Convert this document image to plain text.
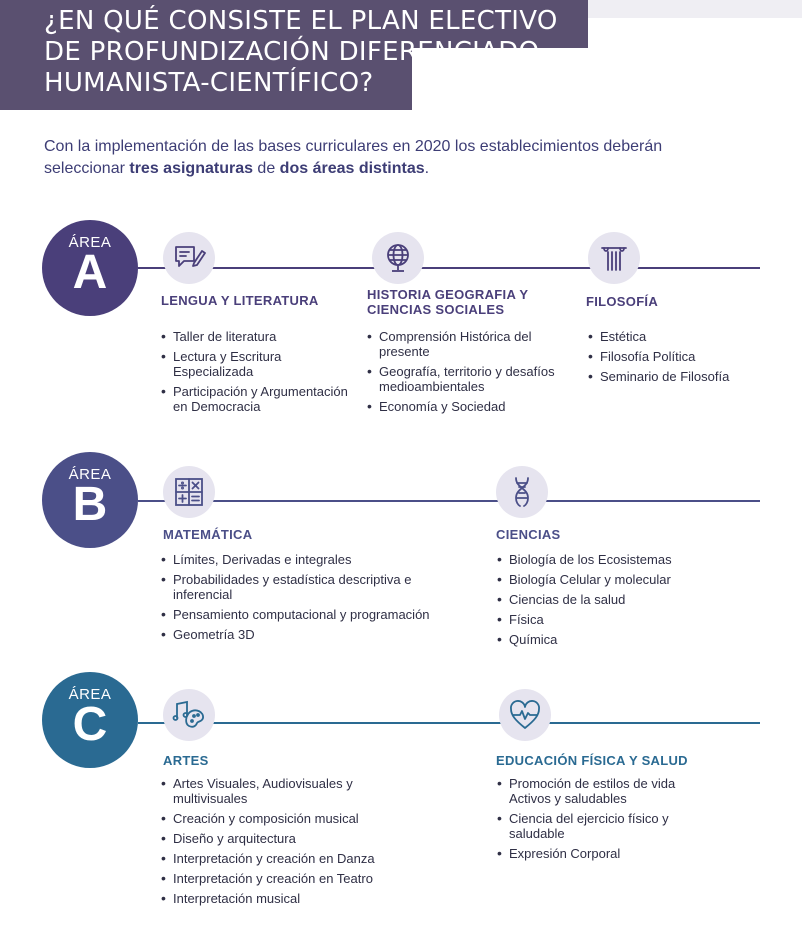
¿EN QUÉ CONSISTE EL PLAN ELECTIVO
DE PROFUNDIZACIÓN DIFERENCIADO
HUMANISTA-CIENTÍFICO?

Con la implementación de las bases curriculares en 2020 los establecimientos deberán seleccionar tres asignaturas de dos áreas distintas.

ÁREA
A
LENGUA Y LITERATURA
• Taller de literatura
• Lectura y Escritura Especializada
• Participación y Argumentación en Democracia
HISTORIA GEOGRAFIA Y CIENCIAS SOCIALES
• Comprensión Histórica del presente
• Geografía, territorio y desafíos medioambientales
• Economía y Sociedad
FILOSOFÍA
• Estética
• Filosofía Política
• Seminario de Filosofía
ÁREA
B
MATEMÁTICA
• Límites, Derivadas e integrales
• Probabilidades y estadística descriptiva e inferencial
• Pensamiento computacional y programación
• Geometría 3D
CIENCIAS
• Biología de los Ecosistemas
• Biología Celular y molecular
• Ciencias de la salud
• Física
• Química
ÁREA
C
ARTES
• Artes Visuales, Audiovisuales y multivisuales
• Creación y composición musical
• Diseño y arquitectura
• Interpretación y creación en Danza
• Interpretación y creación en Teatro
• Interpretación musical
EDUCACIÓN FÍSICA Y SALUD
• Promoción de estilos de vida Activos y saludables
• Ciencia del ejercicio físico y saludable
• Expresión Corporal
